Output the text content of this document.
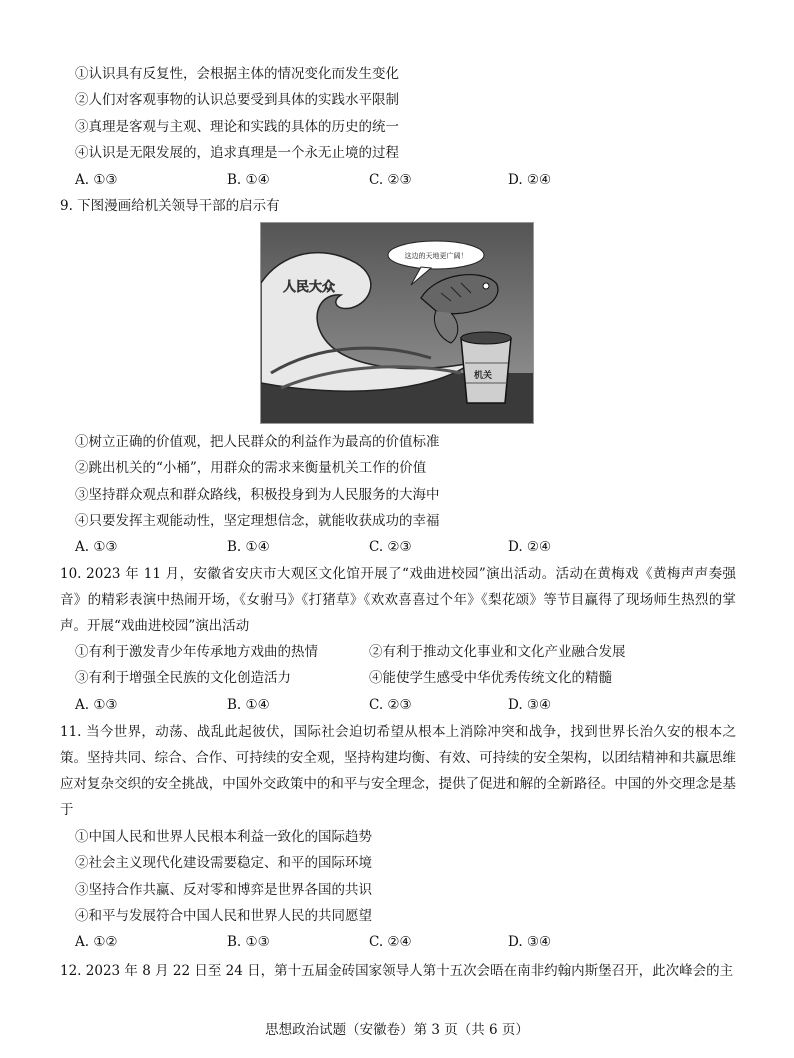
①认识具有反复性，会根据主体的情况变化而发生变化
②人们对客观事物的认识总要受到具体的实践水平限制
③真理是客观与主观、理论和实践的具体的历史的统一
④认识是无限发展的，追求真理是一个永无止境的过程
A. ①③	B. ①④	C. ②③	D. ②④
9. 下图漫画给机关领导干部的启示有
人民大众
这边的天地更广阔！
机关
①树立正确的价值观，把人民群众的利益作为最高的价值标准
②跳出机关的“小桶”，用群众的需求来衡量机关工作的价值
③坚持群众观点和群众路线，积极投身到为人民服务的大海中
④只要发挥主观能动性，坚定理想信念，就能收获成功的幸福
A. ①③	B. ①④	C. ②③	D. ②④
10. 2023 年 11 月，安徽省安庆市大观区文化馆开展了“戏曲进校园”演出活动。活动在黄梅戏《黄梅声声奏强音》的精彩表演中热闹开场，《女驸马》《打猪草》《欢欢喜喜过个年》《梨花颂》等节目赢得了现场师生热烈的掌声。开展“戏曲进校园”演出活动
①有利于激发青少年传承地方戏曲的热情	②有利于推动文化事业和文化产业融合发展
③有利于增强全民族的文化创造活力	④能使学生感受中华优秀传统文化的精髓
A. ①③	B. ①④	C. ②③	D. ③④
11. 当今世界，动荡、战乱此起彼伏，国际社会迫切希望从根本上消除冲突和战争，找到世界长治久安的根本之策。坚持共同、综合、合作、可持续的安全观，坚持构建均衡、有效、可持续的安全架构，以团结精神和共赢思维应对复杂交织的安全挑战，中国外交政策中的和平与安全理念，提供了促进和解的全新路径。中国的外交理念是基于
①中国人民和世界人民根本利益一致化的国际趋势
②社会主义现代化建设需要稳定、和平的国际环境
③坚持合作共赢、反对零和博弈是世界各国的共识
④和平与发展符合中国人民和世界人民的共同愿望
A. ①②	B. ①③	C. ②④	D. ③④
12. 2023 年 8 月 22 日至 24 日，第十五届金砖国家领导人第十五次会晤在南非约翰内斯堡召开，此次峰会的主
思想政治试题（安徽卷）第 3 页（共 6 页）
